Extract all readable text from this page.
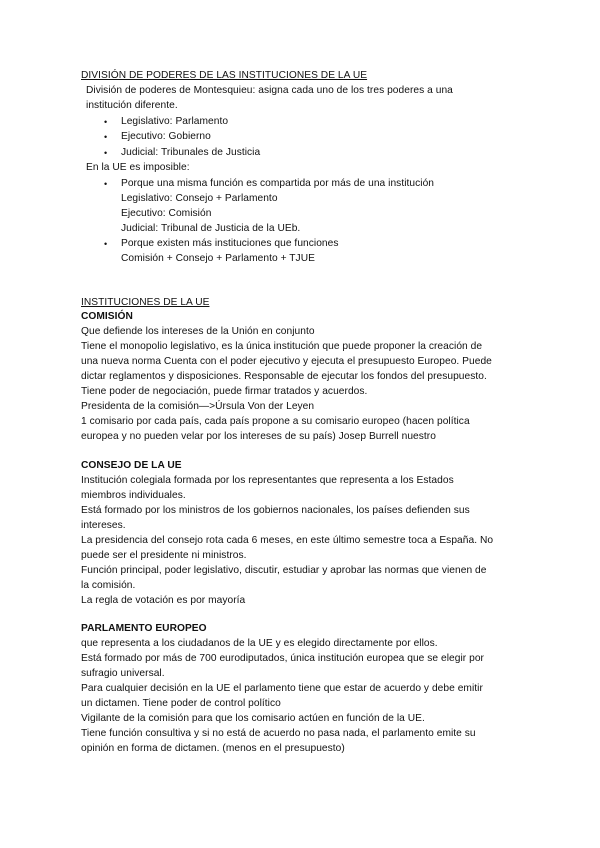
DIVISIÓN DE PODERES DE LAS INSTITUCIONES DE LA UE
División de poderes de Montesquieu: asigna cada uno de los tres poderes a una
institución diferente.
•
Legislativo: Parlamento
•
Ejecutivo: Gobierno
•
Judicial: Tribunales de Justicia
En la UE es imposible:
•
Porque una misma función es compartida por más de una institución
Legislativo: Consejo + Parlamento
Ejecutivo: Comisión
Judicial: Tribunal de Justicia de la UEb.
•
Porque existen más instituciones que funciones
Comisión + Consejo + Parlamento + TJUE
INSTITUCIONES DE LA UE
COMISIÓN
Que defiende los intereses de la Unión en conjunto
Tiene el monopolio legislativo, es la única institución que puede proponer la creación de
una nueva norma Cuenta con el poder ejecutivo y ejecuta el presupuesto Europeo. Puede
dictar reglamentos y disposiciones. Responsable de ejecutar los fondos del presupuesto.
Tiene poder de negociación, puede firmar tratados y acuerdos.
Presidenta de la comisión—>Úrsula Von der Leyen
1 comisario por cada país, cada país propone a su comisario europeo (hacen política
europea y no pueden velar por los intereses de su país) Josep Burrell nuestro
CONSEJO DE LA UE
Institución colegiala formada por los representantes que representa a los Estados
miembros individuales.
Está formado por los ministros de los gobiernos nacionales, los países defienden sus
intereses.
La presidencia del consejo rota cada 6 meses, en este último semestre toca a España. No
puede ser el presidente ni ministros.
Función principal, poder legislativo, discutir, estudiar y aprobar las normas que vienen de
la comisión.
La regla de votación es por mayoría
PARLAMENTO EUROPEO
que representa a los ciudadanos de la UE y es elegido directamente por ellos.
Está formado por más de 700 eurodiputados, única institución europea que se elegir por
sufragio universal.
Para cualquier decisión en la UE el parlamento tiene que estar de acuerdo y debe emitir
un dictamen. Tiene poder de control político
Vigilante de la comisión para que los comisario actúen en función de la UE.
Tiene función consultiva y si no está de acuerdo no pasa nada, el parlamento emite su
opinión en forma de dictamen. (menos en el presupuesto)
